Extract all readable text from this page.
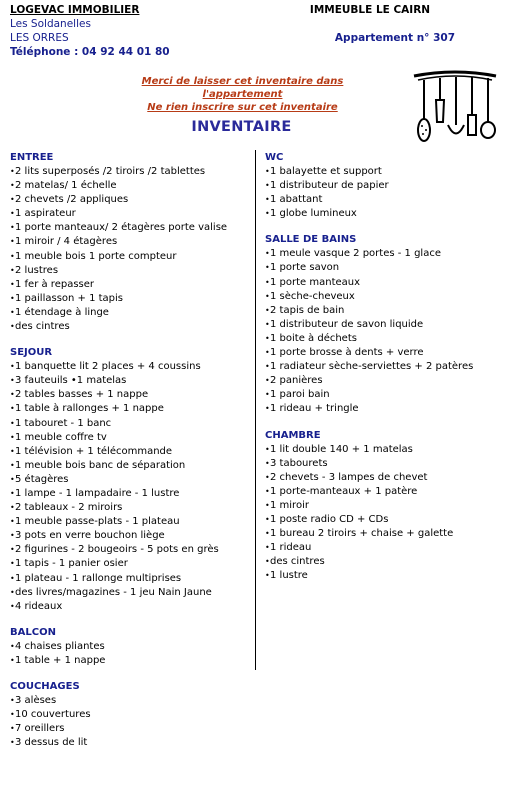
LOGEVAC IMMOBILIER
Les Soldanelles
LES ORRES
Téléphone : 04 92 44 01 80
IMMEUBLE LE CAIRN
Appartement n° 307
Merci de laisser cet inventaire dans l'appartement
Ne rien inscrire sur cet inventaire
INVENTAIRE
ENTREE
•2 lits superposés /2 tiroirs /2 tablettes
•2 matelas/ 1 échelle
•2 chevets /2 appliques
•1 aspirateur
•1 porte manteaux/ 2 étagères porte valise
•1 miroir / 4 étagères
•1 meuble bois 1 porte compteur
•2 lustres
•1 fer à repasser
•1 paillasson + 1 tapis
•1 étendage à linge
•des cintres
SEJOUR
•1 banquette lit 2 places + 4 coussins
•3 fauteuils •1 matelas
•2 tables basses + 1 nappe
•1 table à rallonges + 1 nappe
•1 tabouret - 1 banc
•1 meuble coffre tv
•1 télévision + 1 télécommande
•1 meuble bois banc de séparation
•5 étagères
•1 lampe - 1 lampadaire - 1 lustre
•2 tableaux - 2 miroirs
•1 meuble passe-plats - 1 plateau
•3 pots en verre bouchon liège
•2 figurines - 2 bougeoirs - 5 pots en grès
•1 tapis - 1 panier osier
•1 plateau - 1 rallonge multiprises
•des livres/magazines - 1 jeu Nain Jaune
•4 rideaux
BALCON
•4 chaises pliantes
•1 table + 1 nappe
COUCHAGES
•3 alèses
•10 couvertures
•7 oreillers
•3 dessus de lit
WC
•1 balayette et support
•1 distributeur de papier
•1 abattant
•1 globe lumineux
SALLE DE BAINS
•1 meule vasque 2 portes - 1 glace
•1 porte savon
•1 porte manteaux
•1 sèche-cheveux
•2 tapis de bain
•1 distributeur de savon liquide
•1 boite à déchets
•1 porte brosse à dents + verre
•1 radiateur sèche-serviettes + 2 patères
•2 panières
•1 paroi bain
•1 rideau + tringle
CHAMBRE
•1 lit double 140 + 1 matelas
•3 tabourets
•2 chevets - 3 lampes de chevet
•1 porte-manteaux + 1 patère
•1 miroir
•1 poste radio CD + CDs
•1 bureau 2 tiroirs + chaise + galette
•1 rideau
•des cintres
•1 lustre
